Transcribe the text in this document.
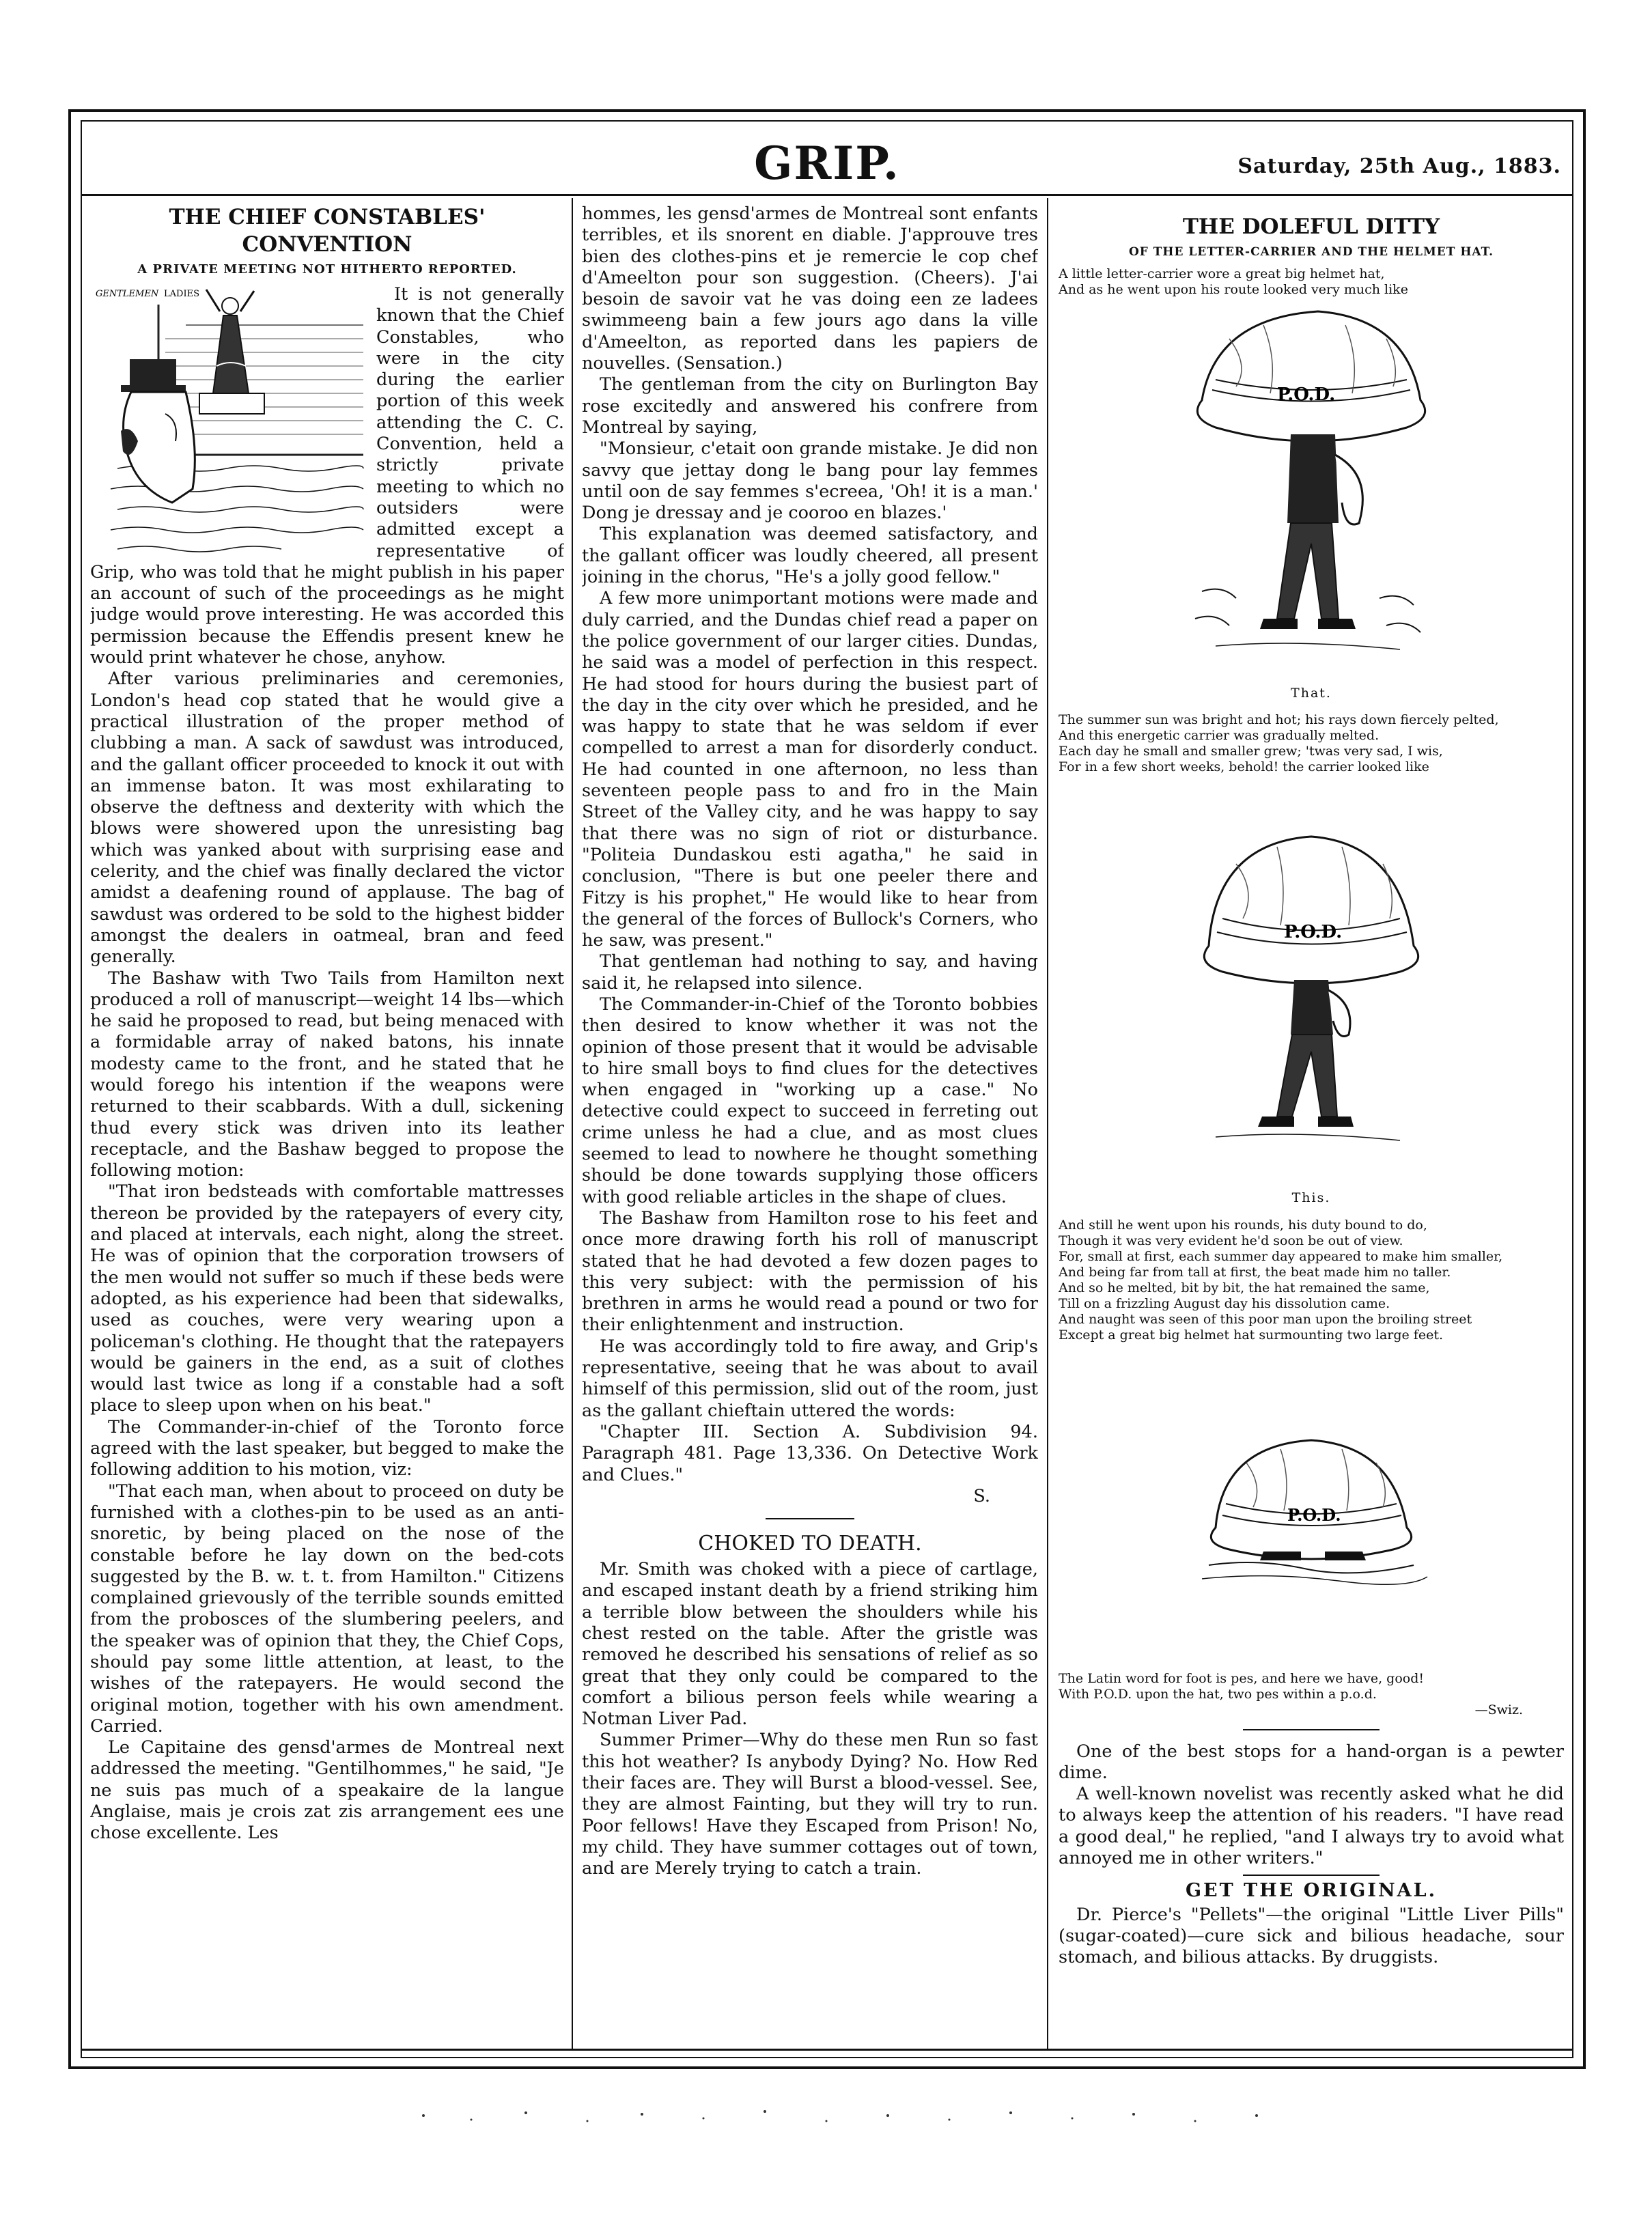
GRIP.	Saturday, 25th Aug., 1883.
THE CHIEF CONSTABLES' CONVENTION
A PRIVATE MEETING NOT HITHERTO REPORTED.
GENTLEMEN LADIES	It is not generally known that the Chief Constables, who were in the city during the earlier portion of this week attending the C. C. Convention, held a strictly private meeting to which no outsiders were admitted except a representative of Grip, who was told that he might publish in his paper an account of such of the proceedings as he might judge would prove interesting. He was accorded this permission because the Effendis present knew he would print whatever he chose, anyhow.

After various preliminaries and ceremonies, London's head cop stated that he would give a practical illustration of the proper method of clubbing a man. A sack of sawdust was introduced, and the gallant officer proceeded to knock it out with an immense baton. It was most exhilarating to observe the deftness and dexterity with which the blows were showered upon the unresisting bag which was yanked about with surprising ease and celerity, and the chief was finally declared the victor amidst a deafening round of applause. The bag of sawdust was ordered to be sold to the highest bidder amongst the dealers in oatmeal, bran and feed generally.

The Bashaw with Two Tails from Hamilton next produced a roll of manuscript—weight 14 lbs—which he said he proposed to read, but being menaced with a formidable array of naked batons, his innate modesty came to the front, and he stated that he would forego his intention if the weapons were returned to their scabbards. With a dull, sickening thud every stick was driven into its leather receptacle, and the Bashaw begged to propose the following motion:

"That iron bedsteads with comfortable mattresses thereon be provided by the ratepayers of every city, and placed at intervals, each night, along the street. He was of opinion that the corporation trowsers of the men would not suffer so much if these beds were adopted, as his experience had been that sidewalks, used as couches, were very wearing upon a policeman's clothing. He thought that the ratepayers would be gainers in the end, as a suit of clothes would last twice as long if a constable had a soft place to sleep upon when on his beat."

The Commander-in-chief of the Toronto force agreed with the last speaker, but begged to make the following addition to his motion, viz:

"That each man, when about to proceed on duty be furnished with a clothes-pin to be used as an anti-snoretic, by being placed on the nose of the constable before he lay down on the bed-cots suggested by the B. w. t. t. from Hamilton." Citizens complained grievously of the terrible sounds emitted from the probosces of the slumbering peelers, and the speaker was of opinion that they, the Chief Cops, should pay some little attention, at least, to the wishes of the ratepayers. He would second the original motion, together with his own amendment. Carried.

Le Capitaine des gensd'armes de Montreal next addressed the meeting. "Gentilhommes," he said, "Je ne suis pas much of a speakaire de la langue Anglaise, mais je crois zat zis arrangement ees une chose excellente. Les

hommes, les gensd'armes de Montreal sont enfants terribles, et ils snorent en diable. J'approuve tres bien des clothes-pins et je remercie le cop chef d'Ameelton pour son suggestion. (Cheers). J'ai besoin de savoir vat he vas doing een ze ladees swimmeeng bain a few jours ago dans la ville d'Ameelton, as reported dans les papiers de nouvelles. (Sensation.)

The gentleman from the city on Burlington Bay rose excitedly and answered his confrere from Montreal by saying,

"Monsieur, c'etait oon grande mistake. Je did non savvy que jettay dong le bang pour lay femmes until oon de say femmes s'ecreea, 'Oh! it is a man.' Dong je dressay and je cooroo en blazes.'

This explanation was deemed satisfactory, and the gallant officer was loudly cheered, all present joining in the chorus, "He's a jolly good fellow."

A few more unimportant motions were made and duly carried, and the Dundas chief read a paper on the police government of our larger cities. Dundas, he said was a model of perfection in this respect. He had stood for hours during the busiest part of the day in the city over which he presided, and he was happy to state that he was seldom if ever compelled to arrest a man for disorderly conduct. He had counted in one afternoon, no less than seventeen people pass to and fro in the Main Street of the Valley city, and he was happy to say that there was no sign of riot or disturbance. "Politeia Dundaskou esti agatha," he said in conclusion, "There is but one peeler there and Fitzy is his prophet," He would like to hear from the general of the forces of Bullock's Corners, who he saw, was present."

That gentleman had nothing to say, and having said it, he relapsed into silence.

The Commander-in-Chief of the Toronto bobbies then desired to know whether it was not the opinion of those present that it would be advisable to hire small boys to find clues for the detectives when engaged in "working up a case." No detective could expect to succeed in ferreting out crime unless he had a clue, and as most clues seemed to lead to nowhere he thought something should be done towards supplying those officers with good reliable articles in the shape of clues.

The Bashaw from Hamilton rose to his feet and once more drawing forth his roll of manuscript stated that he had devoted a few dozen pages to this very subject: with the permission of his brethren in arms he would read a pound or two for their enlightenment and instruction.

He was accordingly told to fire away, and Grip's representative, seeing that he was about to avail himself of this permission, slid out of the room, just as the gallant chieftain uttered the words:

"Chapter III. Section A. Subdivision 94. Paragraph 481. Page 13,336. On Detective Work and Clues."

S.

CHOKED TO DEATH.

Mr. Smith was choked with a piece of cartlage, and escaped instant death by a friend striking him a terrible blow between the shoulders while his chest rested on the table. After the gristle was removed he described his sensations of relief as so great that they only could be compared to the comfort a bilious person feels while wearing a Notman Liver Pad.

Summer Primer—Why do these men Run so fast this hot weather? Is anybody Dying? No. How Red their faces are. They will Burst a blood-vessel. See, they are almost Fainting, but they will try to run. Poor fellows! Have they Escaped from Prison! No, my child. They have summer cottages out of town, and are Merely trying to catch a train.

THE DOLEFUL DITTY
OF THE LETTER-CARRIER AND THE HELMET HAT.

A little letter-carrier wore a great big helmet hat,

And as he went upon his route looked very much like

P.O.D.
That.

The summer sun was bright and hot; his rays down fiercely pelted,

And this energetic carrier was gradually melted.

Each day he small and smaller grew; 'twas very sad, I wis,

For in a few short weeks, behold! the carrier looked like

P.O.D.
This.

And still he went upon his rounds, his duty bound to do,

Though it was very evident he'd soon be out of view.

For, small at first, each summer day appeared to make him smaller,

And being far from tall at first, the beat made him no taller.

And so he melted, bit by bit, the hat remained the same,

Till on a frizzling August day his dissolution came.

And naught was seen of this poor man upon the broiling street

Except a great big helmet hat surmounting two large feet.

P.O.D.

The Latin word for foot is pes, and here we have, good!

With P.O.D. upon the hat, two pes within a p.o.d.

—Swiz.

One of the best stops for a hand-organ is a pewter dime.

A well-known novelist was recently asked what he did to always keep the attention of his readers. "I have read a good deal," he replied, "and I always try to avoid what annoyed me in other writers."

GET THE ORIGINAL.

Dr. Pierce's "Pellets"—the original "Little Liver Pills" (sugar-coated)—cure sick and bilious headache, sour stomach, and bilious attacks. By druggists.
